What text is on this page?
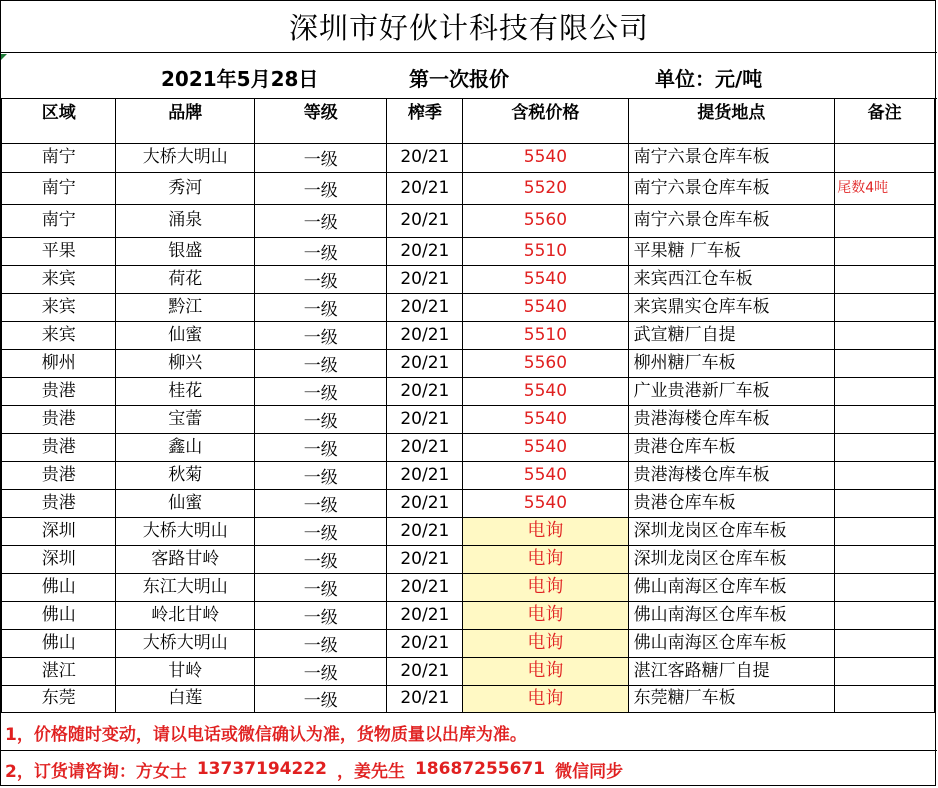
深圳市好伙计科技有限公司
2021年5月28日	第一次报价	单位：元/吨
区域	品牌	等级	榨季	含税价格	提货地点	备注
南宁	大桥大明山	一级	20/21	5540	南宁六景仓库车板	
南宁	秀河	一级	20/21	5520	南宁六景仓库车板	尾数4吨
南宁	涌泉	一级	20/21	5560	南宁六景仓库车板	
平果	银盛	一级	20/21	5510	平果糖 厂车板	
来宾	荷花	一级	20/21	5540	来宾西江仓车板	
来宾	黔江	一级	20/21	5540	来宾鼎实仓库车板	
来宾	仙蜜	一级	20/21	5510	武宣糖厂自提	
柳州	柳兴	一级	20/21	5560	柳州糖厂车板	
贵港	桂花	一级	20/21	5540	广业贵港新厂车板	
贵港	宝蕾	一级	20/21	5540	贵港海楼仓库车板	
贵港	鑫山	一级	20/21	5540	贵港仓库车板	
贵港	秋菊	一级	20/21	5540	贵港海楼仓库车板	
贵港	仙蜜	一级	20/21	5540	贵港仓库车板	
深圳	大桥大明山	一级	20/21	电询	深圳龙岗区仓库车板	
深圳	客路甘岭	一级	20/21	电询	深圳龙岗区仓库车板	
佛山	东江大明山	一级	20/21	电询	佛山南海区仓库车板	
佛山	岭北甘岭	一级	20/21	电询	佛山南海区仓库车板	
佛山	大桥大明山	一级	20/21	电询	佛山南海区仓库车板	
湛江	甘岭	一级	20/21	电询	湛江客路糖厂自提	
东莞	白莲	一级	20/21	电询	东莞糖厂车板	
1，价格随时变动，请以电话或微信确认为准，货物质量以出库为准。
2，订货请咨询： 方女士 13737194222 ， 姜先生 18687255671 微信同步
